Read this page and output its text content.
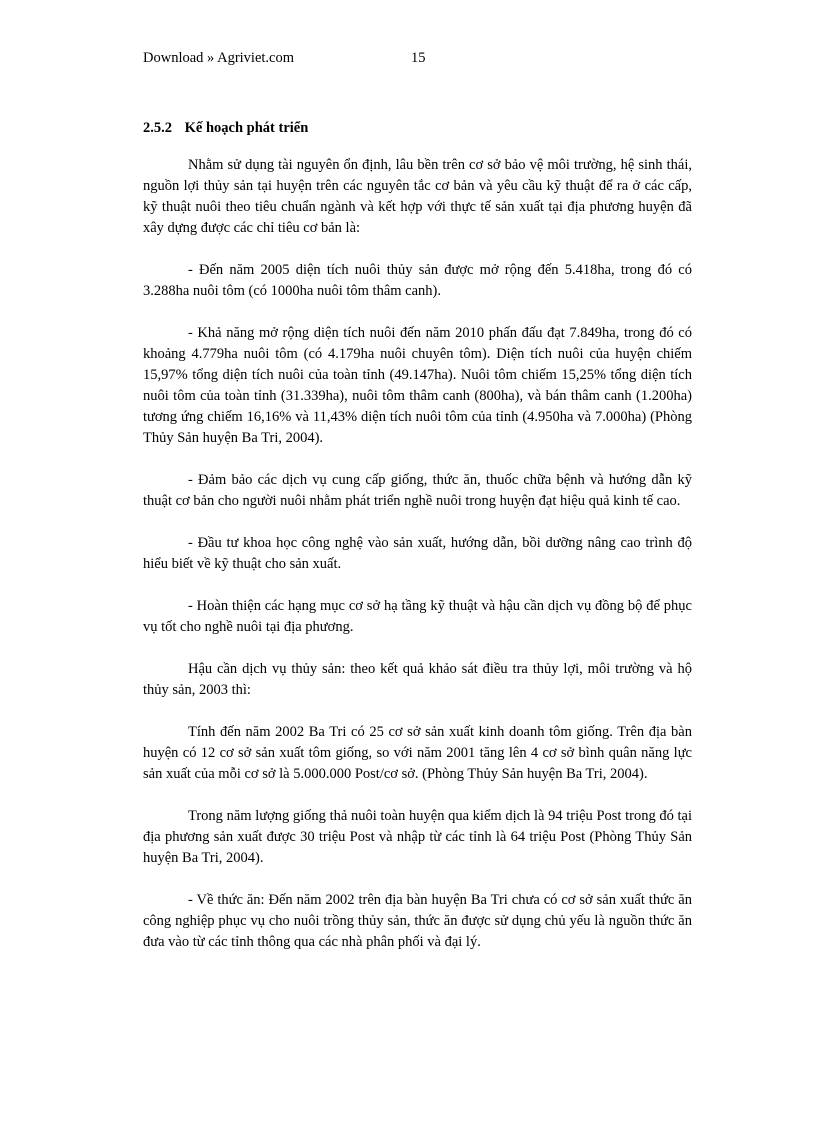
Download » Agriviet.com	15
2.5.2 Kế hoạch phát triển

Nhằm sử dụng tài nguyên ổn định, lâu bền trên cơ sở bảo vệ môi trường, hệ sinh thái, nguồn lợi thủy sản tại huyện trên các nguyên tắc cơ bản và yêu cầu kỹ thuật để ra ở các cấp, kỹ thuật nuôi theo tiêu chuẩn ngành và kết hợp với thực tế sản xuất tại địa phương huyện đã xây dựng được các chỉ tiêu cơ bản là:

- Đến năm 2005 diện tích nuôi thủy sản được mở rộng đến 5.418ha, trong đó có 3.288ha nuôi tôm (có 1000ha nuôi tôm thâm canh).

- Khả năng mở rộng diện tích nuôi đến năm 2010 phấn đấu đạt 7.849ha, trong đó có khoảng 4.779ha nuôi tôm (có 4.179ha nuôi chuyên tôm). Diện tích nuôi của huyện chiếm 15,97% tổng diện tích nuôi của toàn tỉnh (49.147ha). Nuôi tôm chiếm 15,25% tổng diện tích nuôi tôm của toàn tỉnh (31.339ha), nuôi tôm thâm canh (800ha), và bán thâm canh (1.200ha) tương ứng chiếm 16,16% và 11,43% diện tích nuôi tôm của tỉnh (4.950ha và 7.000ha) (Phòng Thủy Sản huyện Ba Tri, 2004).

- Đảm bảo các dịch vụ cung cấp giống, thức ăn, thuốc chữa bệnh và hướng dẫn kỹ thuật cơ bản cho người nuôi nhằm phát triển nghề nuôi trong huyện đạt hiệu quả kinh tế cao.

- Đầu tư khoa học công nghệ vào sản xuất, hướng dẫn, bồi dưỡng nâng cao trình độ hiểu biết về kỹ thuật cho sản xuất.

- Hoàn thiện các hạng mục cơ sở hạ tầng kỹ thuật và hậu cần dịch vụ đồng bộ để phục vụ tốt cho nghề nuôi tại địa phương.

Hậu cần dịch vụ thủy sản: theo kết quả khảo sát điều tra thủy lợi, môi trường và hộ thủy sản, 2003 thì:

Tính đến năm 2002 Ba Tri có 25 cơ sở sản xuất kinh doanh tôm giống. Trên địa bàn huyện có 12 cơ sở sản xuất tôm giống, so với năm 2001 tăng lên 4 cơ sở bình quân năng lực sản xuất của mỗi cơ sở là 5.000.000 Post/cơ sở. (Phòng Thủy Sản huyện Ba Tri, 2004).

Trong năm lượng giống thả nuôi toàn huyện qua kiểm dịch là 94 triệu Post trong đó tại địa phương sản xuất được 30 triệu Post và nhập từ các tỉnh là 64 triệu Post (Phòng Thủy Sản huyện Ba Tri, 2004).

- Về thức ăn: Đến năm 2002 trên địa bàn huyện Ba Tri chưa có cơ sở sản xuất thức ăn công nghiệp phục vụ cho nuôi trồng thủy sản, thức ăn được sử dụng chủ yếu là nguồn thức ăn đưa vào từ các tỉnh thông qua các nhà phân phối và đại lý.
